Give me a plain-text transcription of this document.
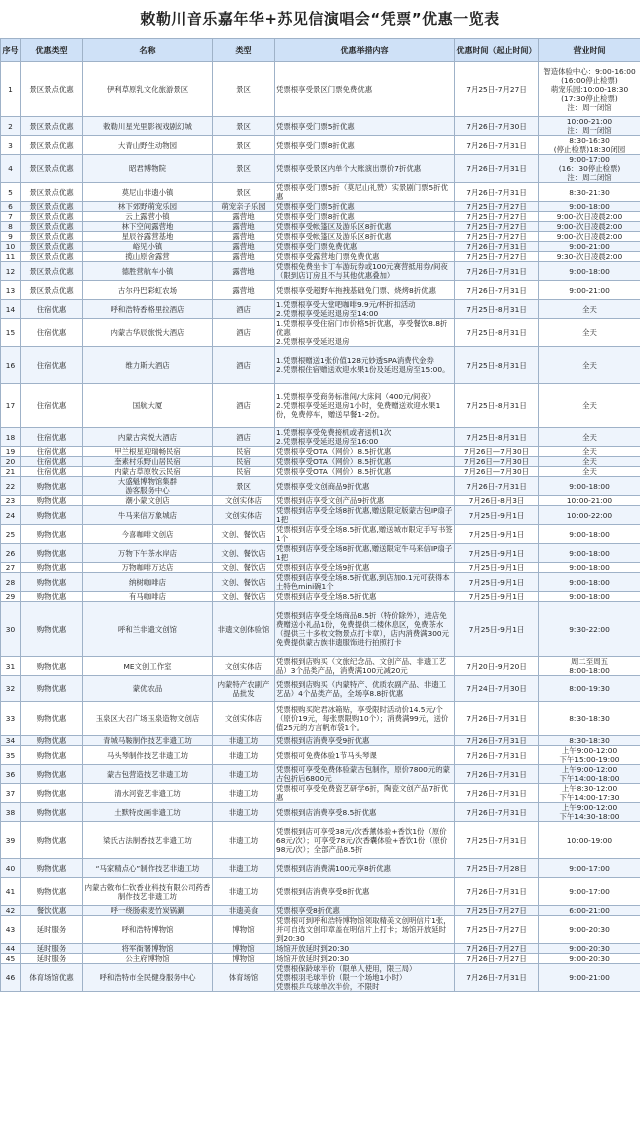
敕勒川音乐嘉年华+苏见信演唱会“凭票”优惠一览表
序号	优惠类型	名称	类型	优惠举措内容	优惠时间（起止时间）	营业时间
1	景区景点优惠	伊利草原乳文化旅游景区	景区	凭票根享受景区门票免费优惠	7月25日-7月27日	智造体验中心：9:00-16:00
(16:00停止检票)
萌宠乐园:10:00-18:30
(17:30停止检票)
注：周一闭馆
2	景区景点优惠	敕勒川星光里影视戏剧幻城	景区	凭票根享受门票5折优惠	7月26日-7月30日	10:00-21:00
注：周一闭馆
3	景区景点优惠	大青山野生动物园	景区	凭票根享受门票8折优惠	7月26日-7月31日	8:30-16:30
(停止检票)18:30闭园
4	景区景点优惠	昭君博物院	景区	凭票根享受景区内单个大账演出票价7折优惠	7月26日-7月31日	9:00-17:00
(16：30停止检票)
注：周二闭馆
5	景区景点优惠	莫尼山非遗小镇	景区	凭票根享受门票5折（莫尼山礼赞）实景剧门票5折优惠	7月26日-7月31日	8:30-21:30
6	景区景点优惠	林下郊野萌宠乐园	萌宠亲子乐园	凭票根享受门票5折优惠	7月25日-7月27日	9:00-18:00
7	景区景点优惠	云上露营小镇	露营地	凭票根享受门票8折优惠	7月25日-7月27日	9:00-次日凌晨2:00
8	景区景点优惠	林下空间露营地	露营地	凭票根享受帐篷区及游乐区8折优惠	7月25日-7月27日	9:00-次日凌晨2:00
9	景区景点优惠	星辰谷露营基地	露营地	凭票根享受帐篷区及游乐区8折优惠	7月25日-7月27日	9:00-次日凌晨2:00
10	景区景点优惠	峪见小镇	露营地	凭票根享受门票免费优惠	7月26日-7月31日	9:00-21:00
11	景区景点优惠	揽山原舍露营	露营地	凭票根享受露营地门票免费优惠	7月25日-7月27日	9:30-次日凌晨2:00
12	景区景点优惠	德胜营航车小镇	露营地	凭票根免费坐卡丁车游玩券或100元赛营抵用券/间夜（限到店订房且不与其他优惠叠加）	7月26日-7月31日	9:00-18:00
13	景区景点优惠	古尔丹巴彩虹农场	露营地	凭票根享受超野车拖拽基础免门票、烧烤8折优惠	7月26日-7月31日	9:00-21:00
14	住宿优惠	呼和浩特香格里拉酒店	酒店	1.凭票根享受大堂吧咖啡9.9元/杯折扣活动
2.凭票根享受延迟退房至14:00	7月25日-8月31日	全天
15	住宿优惠	内蒙古华辰旅悦大酒店	酒店	1.凭票根享受住宿门市价格5折优惠，享受餐饮8.8折优惠
2.凭票根享受延迟退房	7月25日-8月31日	全天
16	住宿优惠	维力斯大酒店	酒店	1.凭票根赠送1张价值128元妙透SPA消费代金券
2.凭票根住宿赠送欢迎水果1份及延迟退房至15:00。	7月25日-8月31日	全天
17	住宿优惠	国航大厦	酒店	1.凭票根享受商务标准间/大床间（400元/间夜）
2.凭票根享受延迟退房1小时，免费赠送欢迎水果1份，免费停车，赠送早餐1-2份。	7月25日-8月31日	全天
18	住宿优惠	内蒙古宾悦大酒店	酒店	1.凭票根享受免费接机或者送机1次
2.凭票根享受延迟退房至16:00	7月25日-8月31日	全天
19	住宿优惠	甲兰根星迎瑞畅民宿	民宿	凭票根享受OTA（网价）8.5折优惠	7月26日—7月30日	全天
20	住宿优惠	奎素村乐野山居民宿	民宿	凭票根享受OTA（网价）8.5折优惠	7月26日—7月30日	全天
21	住宿优惠	内蒙古草原牧云民宿	民宿	凭票根享受OTA（网价）8.5折优惠	7月26日—7月30日	全天
22	购物优惠	大盛魁博物馆集群
游客服务中心	景区	凭票根享受文创商品9折优惠	7月26日-7月31日	9:00-18:00
23	购物优惠	潮小蒙文创店	文创实体店	凭票根到店享受文创产品9折优惠	7月26日-8月3日	10:00-21:00
24	购物优惠	牛马来信万象城店	文创实体店	凭票根到店享受全场8折优惠,赠送限定版蒙古包IP扇子1把	7月25日-9月1日	10:00-22:00
25	购物优惠	今喜咖啡文创店	文创、餐饮店	凭票根到店享受全场8.5折优惠,赠送城市限定手写书签1个	7月25日-9月1日	9:00-18:00
26	购物优惠	万物下午茶水岸店	文创、餐饮店	凭票根到店享受全场8折优惠,赠送限定牛马来信IP扇子1把	7月25日-9月1日	9:00-18:00
27	购物优惠	万物咖啡万达店	文创、餐饮店	凭票根到店享受全场9折优惠	7月25日-9月1日	9:00-18:00
28	购物优惠	纳树咖啡店	文创、餐饮店	凭票根到店享受全场8.5折优惠,到店加0.1元可获得本土特色mini碗1个	7月25日-9月1日	9:00-18:00
29	购物优惠	有马咖啡店	文创、餐饮店	凭票根到店享受全场8.5折优惠	7月25日-9月1日	9:00-18:00
30	购物优惠	呼和兰非遗文创馆	非遗文创体验馆	凭票根到店享受全场商品8.5折（特价除外），进店免费赠送小礼品1份，免费提供二楼休息区，免费茶水（提供三十多枚文物景点打卡章），店内消费满300元免费提供蒙古族非遗服饰进行拍照打卡	7月25日-9月1日	9:30-22:00
31	购物优惠	ME文创工作室	文创实体店	凭票根到店购买（文旅纪念品、文创产品、非遗工艺品）3个品类产品，消费满100元减20元	7月20日-9月20日	周二至周五
8:00-18:00
32	购物优惠	蒙优农品	内蒙特产农副产品批发	凭票根到店购买（内蒙特产、优质农副产品、非遗工艺品）4个品类产品，全场享8.8折优惠	7月24日-7月30日	8:00-19:30
33	购物优惠	玉泉区大召广场玉泉造物文创店	文创实体店	凭票根购买陀君冰箱贴，享受限时活动价14.5元/个（原价19元，每张票限购10个）；消费满99元，送价值25元的方言帆布袋1个。	7月26日-7月31日	8:30-18:30
34	购物优惠	青城马鞍制作技艺非遗工坊	非遗工坊	凭票根到店消费享受9折优惠	7月26日-7月31日	8:30-18:30
35	购物优惠	马头琴制作技艺非遗工坊	非遗工坊	凭票根可免费体验1节马头琴课	7月26日-7月31日	上午9:00-12:00
下午15:00-19:00
36	购物优惠	蒙古包营造技艺非遗工坊	非遗工坊	凭票根可享受免费体验蒙古包制作，原价7800元的蒙古包折后6800元	7月26日-7月31日	上午9:00-12:00
下午14:00-18:00
37	购物优惠	清水河瓷艺非遗工坊	非遗工坊	凭票根可享受免费瓷艺研学6折，陶瓷文创产品7折优惠	7月26日-7月31日	上午8:30-12:00
下午14:00-17:30
38	购物优惠	土默特皮画非遗工坊	非遗工坊	凭票根到店消费享受8.5折优惠	7月26日-7月31日	上午9:00-12:00
下午14:30-18:00
39	购物优惠	梁氏古法制香技艺非遗工坊	非遗工坊	凭票根到店可享受38元/次香薰体验+香饮1份（原价68元/次）；可享受78元/次香囊体验+香饮1份（原价98元/次）；全部产品8.5折	7月25日-7月31日	10:00-19:00
40	购物优惠	“马家精点心”制作技艺非遗工坊	非遗工坊	凭票根到店消费满100元享8折优惠	7月25日-7月28日	9:00-17:00
41	购物优惠	内蒙古敕布仁钦香业科技有限公司药香制作技艺非遗工坊	非遗工坊	凭票根到店消费享受8折优惠	7月26日-7月31日	9:00-17:00
42	餐饮优惠	呼一绕肠索麦竹炭锅涮	非遗美食	凭票根享受8折优惠	7月25日-7月27日	6:00-21:00
43	延时服务	呼和浩特博物馆	博物馆	凭票根可到呼和浩特博物馆领取精美文创明信片1张，并可自选文创印章盖在明信片上打卡；场馆开放延时到20:30	7月25日-7月27日	9:00-20:30
44	延时服务	将军衙署博物馆	博物馆	场馆开放延时到20:30	7月26日-7月27日	9:00-20:30
45	延时服务	公主府博物馆	博物馆	场馆开放延时到20:30	7月26日-7月27日	9:00-20:30
46	体育场馆优惠	呼和浩特市全民健身服务中心	体育场馆	凭票根保龄球半价（限单人使用，限三局）
凭票根羽毛球半价（限一个场地1小时）
凭票根乒乓球单次半价，不限时	7月26日-7月31日	9:00-21:00
